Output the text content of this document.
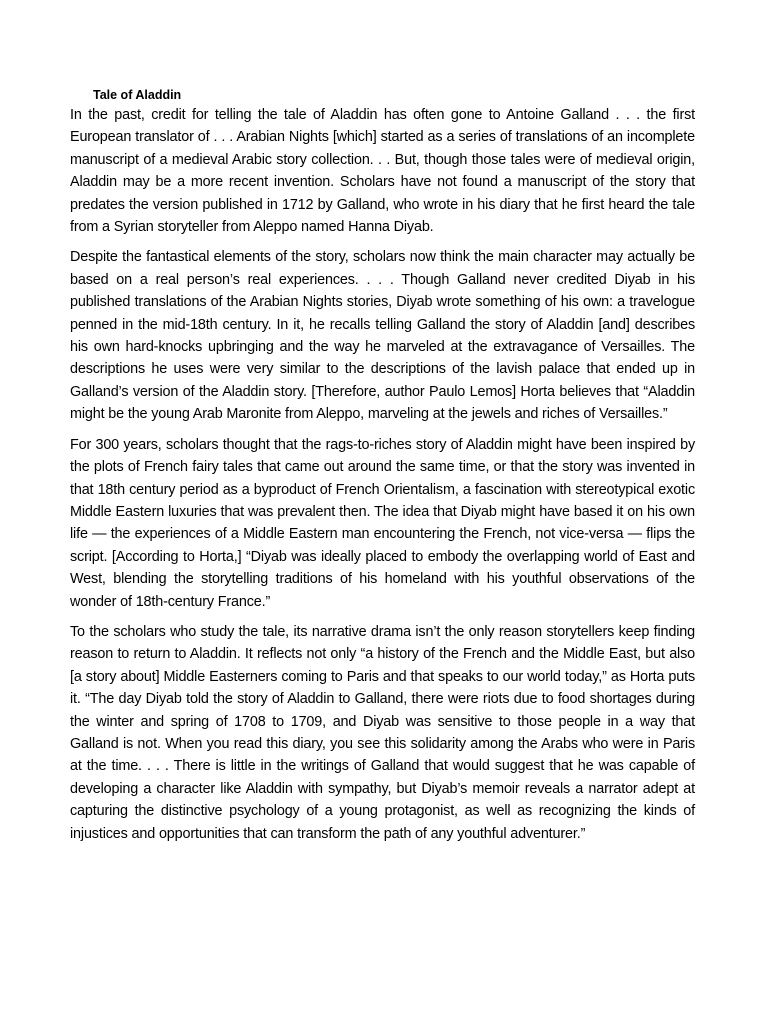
Tale of Aladdin

In the past, credit for telling the tale of Aladdin has often gone to Antoine Galland . . . the first European translator of . . . Arabian Nights [which] started as a series of translations of an incomplete manuscript of a medieval Arabic story collection. . . But, though those tales were of medieval origin, Aladdin may be a more recent invention. Scholars have not found a manuscript of the story that predates the version published in 1712 by Galland, who wrote in his diary that he first heard the tale from a Syrian storyteller from Aleppo named Hanna Diyab.

Despite the fantastical elements of the story, scholars now think the main character may actually be based on a real person’s real experiences. . . . Though Galland never credited Diyab in his published translations of the Arabian Nights stories, Diyab wrote something of his own: a travelogue penned in the mid-18th century. In it, he recalls telling Galland the story of Aladdin [and] describes his own hard-knocks upbringing and the way he marveled at the extravagance of Versailles. The descriptions he uses were very similar to the descriptions of the lavish palace that ended up in Galland’s version of the Aladdin story. [Therefore, author Paulo Lemos] Horta believes that “Aladdin might be the young Arab Maronite from Aleppo, marveling at the jewels and riches of Versailles.”

For 300 years, scholars thought that the rags-to-riches story of Aladdin might have been inspired by the plots of French fairy tales that came out around the same time, or that the story was invented in that 18th century period as a byproduct of French Orientalism, a fascination with stereotypical exotic Middle Eastern luxuries that was prevalent then. The idea that Diyab might have based it on his own life — the experiences of a Middle Eastern man encountering the French, not vice-versa — flips the script. [According to Horta,] “Diyab was ideally placed to embody the overlapping world of East and West, blending the storytelling traditions of his homeland with his youthful observations of the wonder of 18th-century France.”

To the scholars who study the tale, its narrative drama isn’t the only reason storytellers keep finding reason to return to Aladdin. It reflects not only “a history of the French and the Middle East, but also [a story about] Middle Easterners coming to Paris and that speaks to our world today,” as Horta puts it. “The day Diyab told the story of Aladdin to Galland, there were riots due to food shortages during the winter and spring of 1708 to 1709, and Diyab was sensitive to those people in a way that Galland is not. When you read this diary, you see this solidarity among the Arabs who were in Paris at the time. . . . There is little in the writings of Galland that would suggest that he was capable of developing a character like Aladdin with sympathy, but Diyab’s memoir reveals a narrator adept at capturing the distinctive psychology of a young protagonist, as well as recognizing the kinds of injustices and opportunities that can transform the path of any youthful adventurer.”
